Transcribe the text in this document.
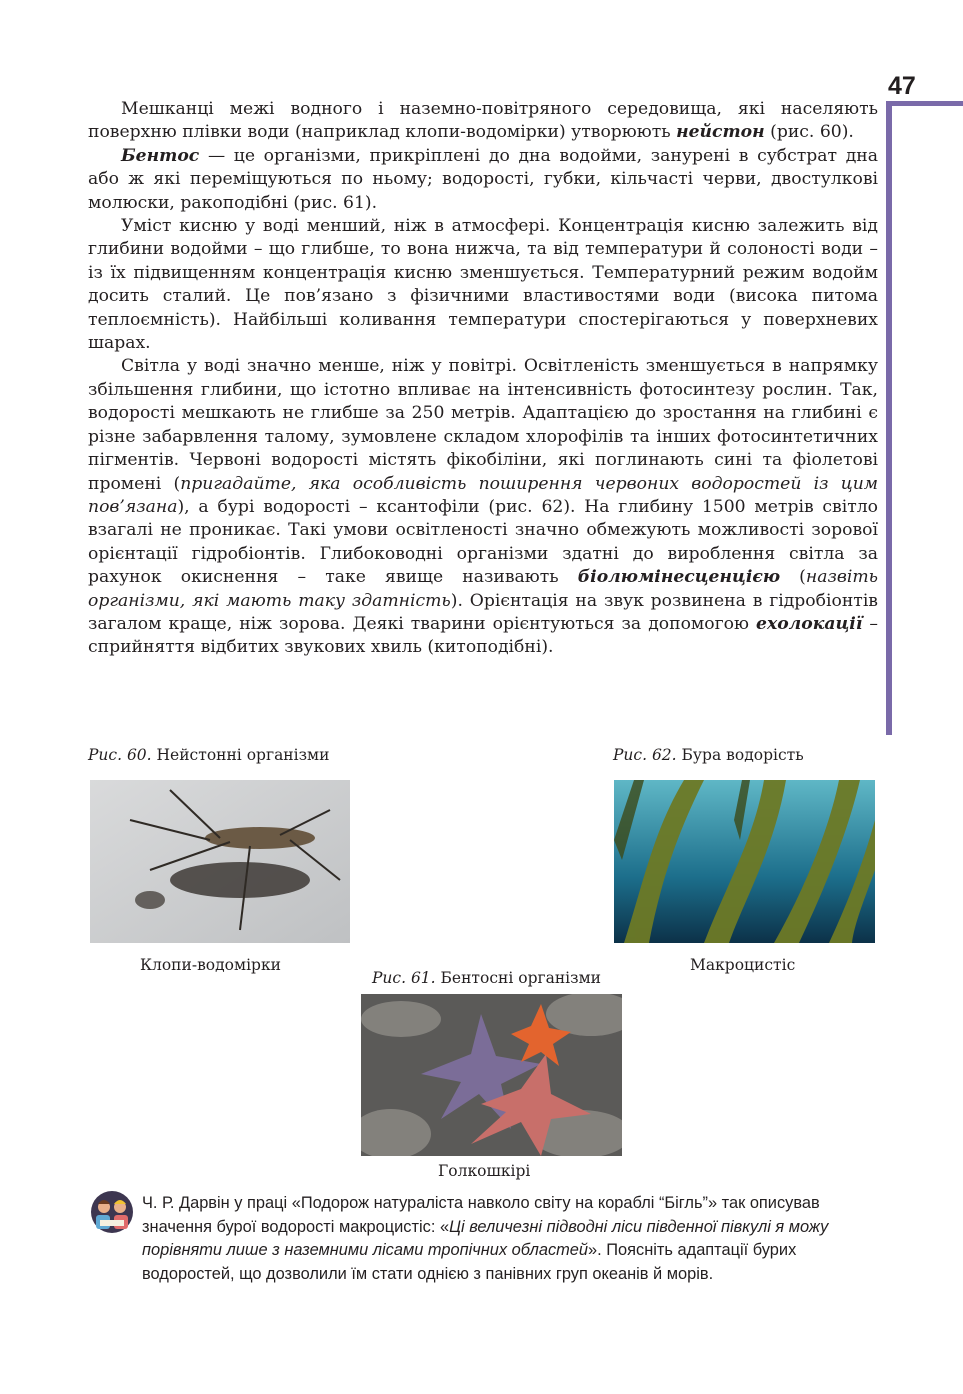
47

Мешканці межі водного і наземно-повітряного середовища, які населяють поверхню плівки води (наприклад клопи-водомірки) утворюють нейстон (рис. 60).

Бентос — це організми, прикріплені до дна водойми, занурені в субстрат дна або ж які переміщуються по ньому; водорості, губки, кільчасті черви, двостулкові молюски, ракоподібні (рис. 61).

Уміст кисню у воді менший, ніж в атмосфері. Концентрація кисню залежить від глибини водойми – що глибше, то вона нижча, та від температури й солоності води – із їх підвищенням концентрація кисню зменшується. Температурний режим водойм досить сталий. Це пов’язано з фізичними властивостями води (висока питома теплоємність). Найбільші коливання температури спостерігаються у поверхневих шарах.

Світла у воді значно менше, ніж у повітрі. Освітленість зменшується в напрямку збільшення глибини, що істотно впливає на інтенсивність фотосинтезу рослин. Так, водорості мешкають не глибше за 250 метрів. Адаптацією до зростання на глибині є різне забарвлення талому, зумовлене складом хлорофілів та інших фотосинтетичних пігментів. Червоні водорості містять фікобіліни, які поглинають сині та фіолетові промені (пригадайте, яка особливість поширення червоних водоростей із цим пов’язана), а бурі водорості – ксантофіли (рис. 62). На глибину 1500 метрів світло взагалі не проникає. Такі умови освітленості значно обмежують можливості зорової орієнтації гідробіонтів. Глибоководні організми здатні до вироблення світла за рахунок окиснення – таке явище називають біолюмінесценцією (назвіть організми, які мають таку здатність). Орієнтація на звук розвинена в гідробіонтів загалом краще, ніж зорова. Деякі тварини орієнтуються за допомогою ехолокації – сприйняття відбитих звукових хвиль (китоподібні).

Рис. 60. Нейстонні організми
Клопи-водомірки
Рис. 62. Бура водорість
Макроцистіс
Рис. 61. Бентосні організми
Голкошкірі
Ч. Р. Дарвін у праці «Подорож натураліста навколо світу на кораблі “Бігль”» так описував значення бурої водорості макроцистіс: «Ці величезні підводні ліси південної півкулі я можу порівняти лише з наземними лісами тропічних областей». Поясніть адаптації бурих водоростей, що дозволили їм стати однією з панівних груп океанів й морів.
